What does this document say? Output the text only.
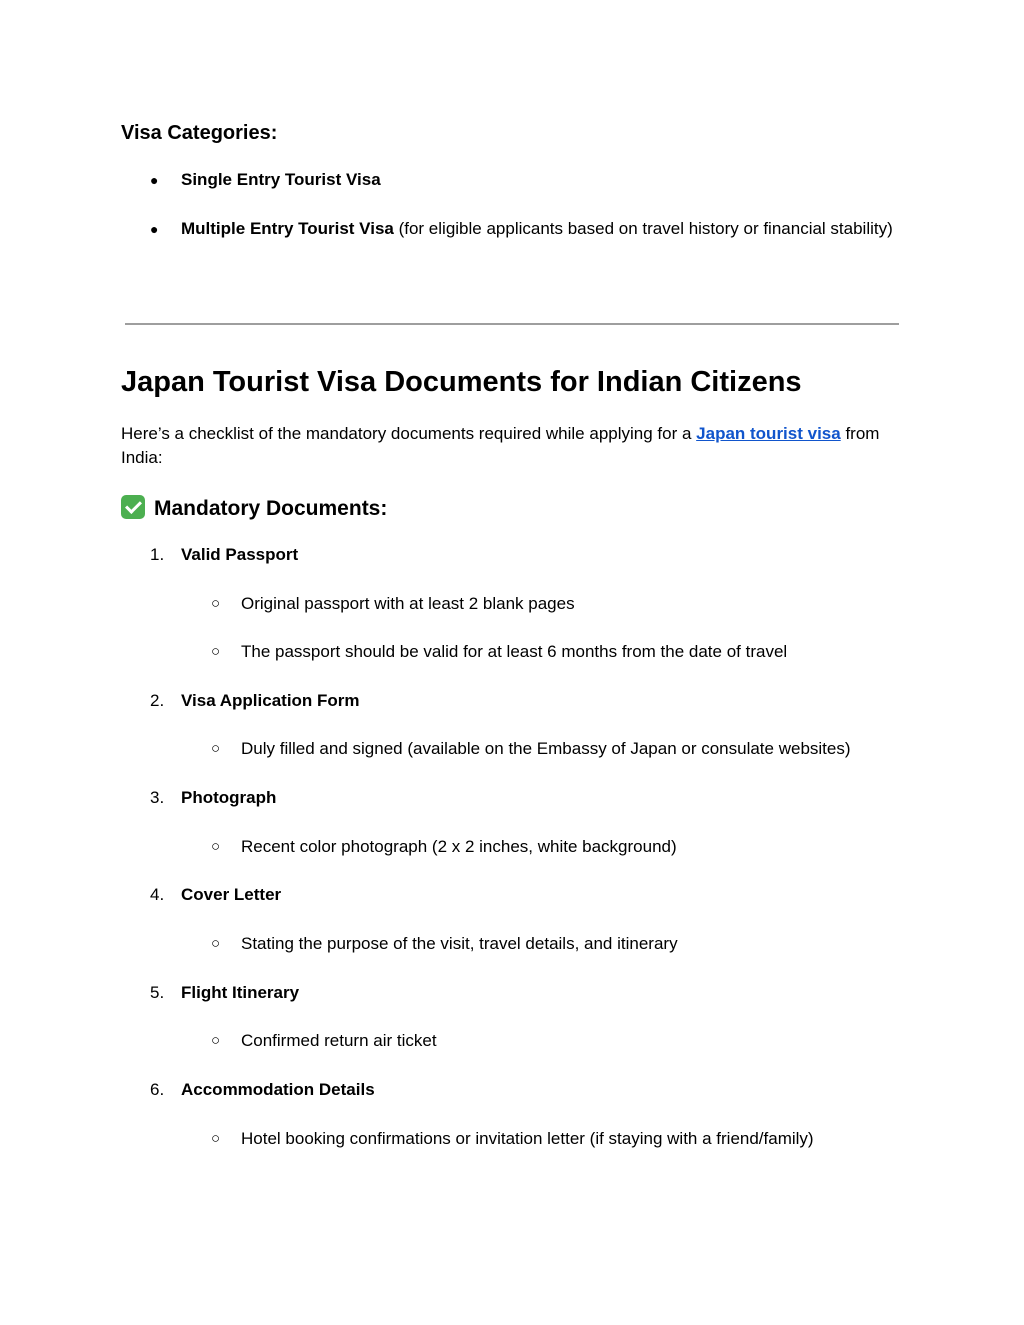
Visa Categories:
●	Single Entry Tourist Visa
●	Multiple Entry Tourist Visa (for eligible applicants based on travel history or financial stability)
Japan Tourist Visa Documents for Indian Citizens
Here’s a checklist of the mandatory documents required while applying for a Japan tourist visa from India:
Mandatory Documents:
1. Valid Passport
○ Original passport with at least 2 blank pages
○ The passport should be valid for at least 6 months from the date of travel
2. Visa Application Form
○ Duly filled and signed (available on the Embassy of Japan or consulate websites)
3. Photograph
○ Recent color photograph (2 x 2 inches, white background)
4. Cover Letter
○ Stating the purpose of the visit, travel details, and itinerary
5. Flight Itinerary
○ Confirmed return air ticket
6. Accommodation Details
○ Hotel booking confirmations or invitation letter (if staying with a friend/family)
